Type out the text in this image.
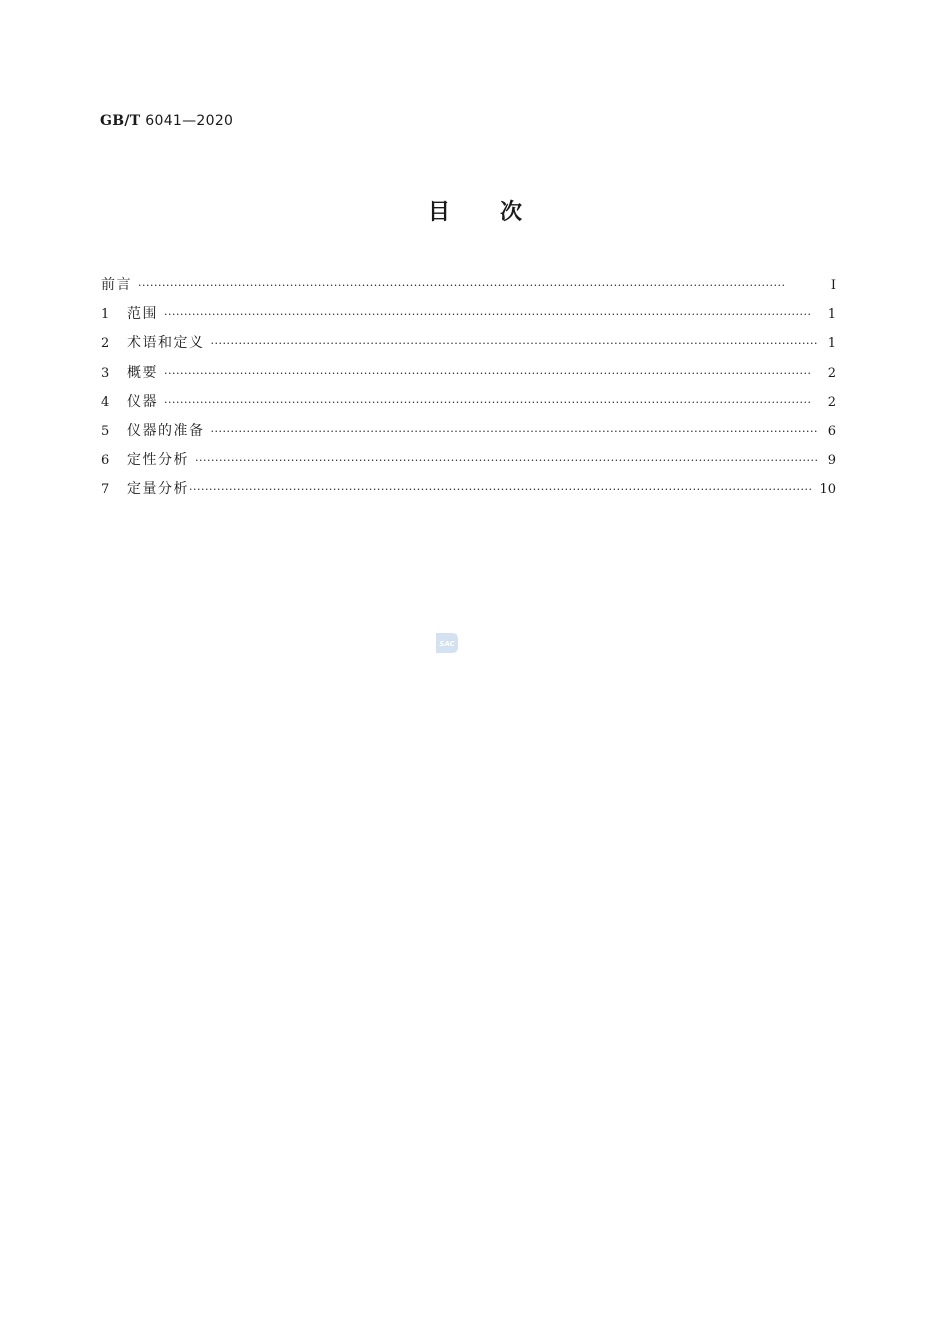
GB/T 6041—2020
目次
前言 ·····	Ⅰ
1	范围 ·····	1
2	术语和定义 ·····	1
3	概要 ·····	2
4	仪器 ·····	2
5	仪器的准备 ·····	6
6	定性分析 ·····	9
7	定量分析 ·····	10
SAC
